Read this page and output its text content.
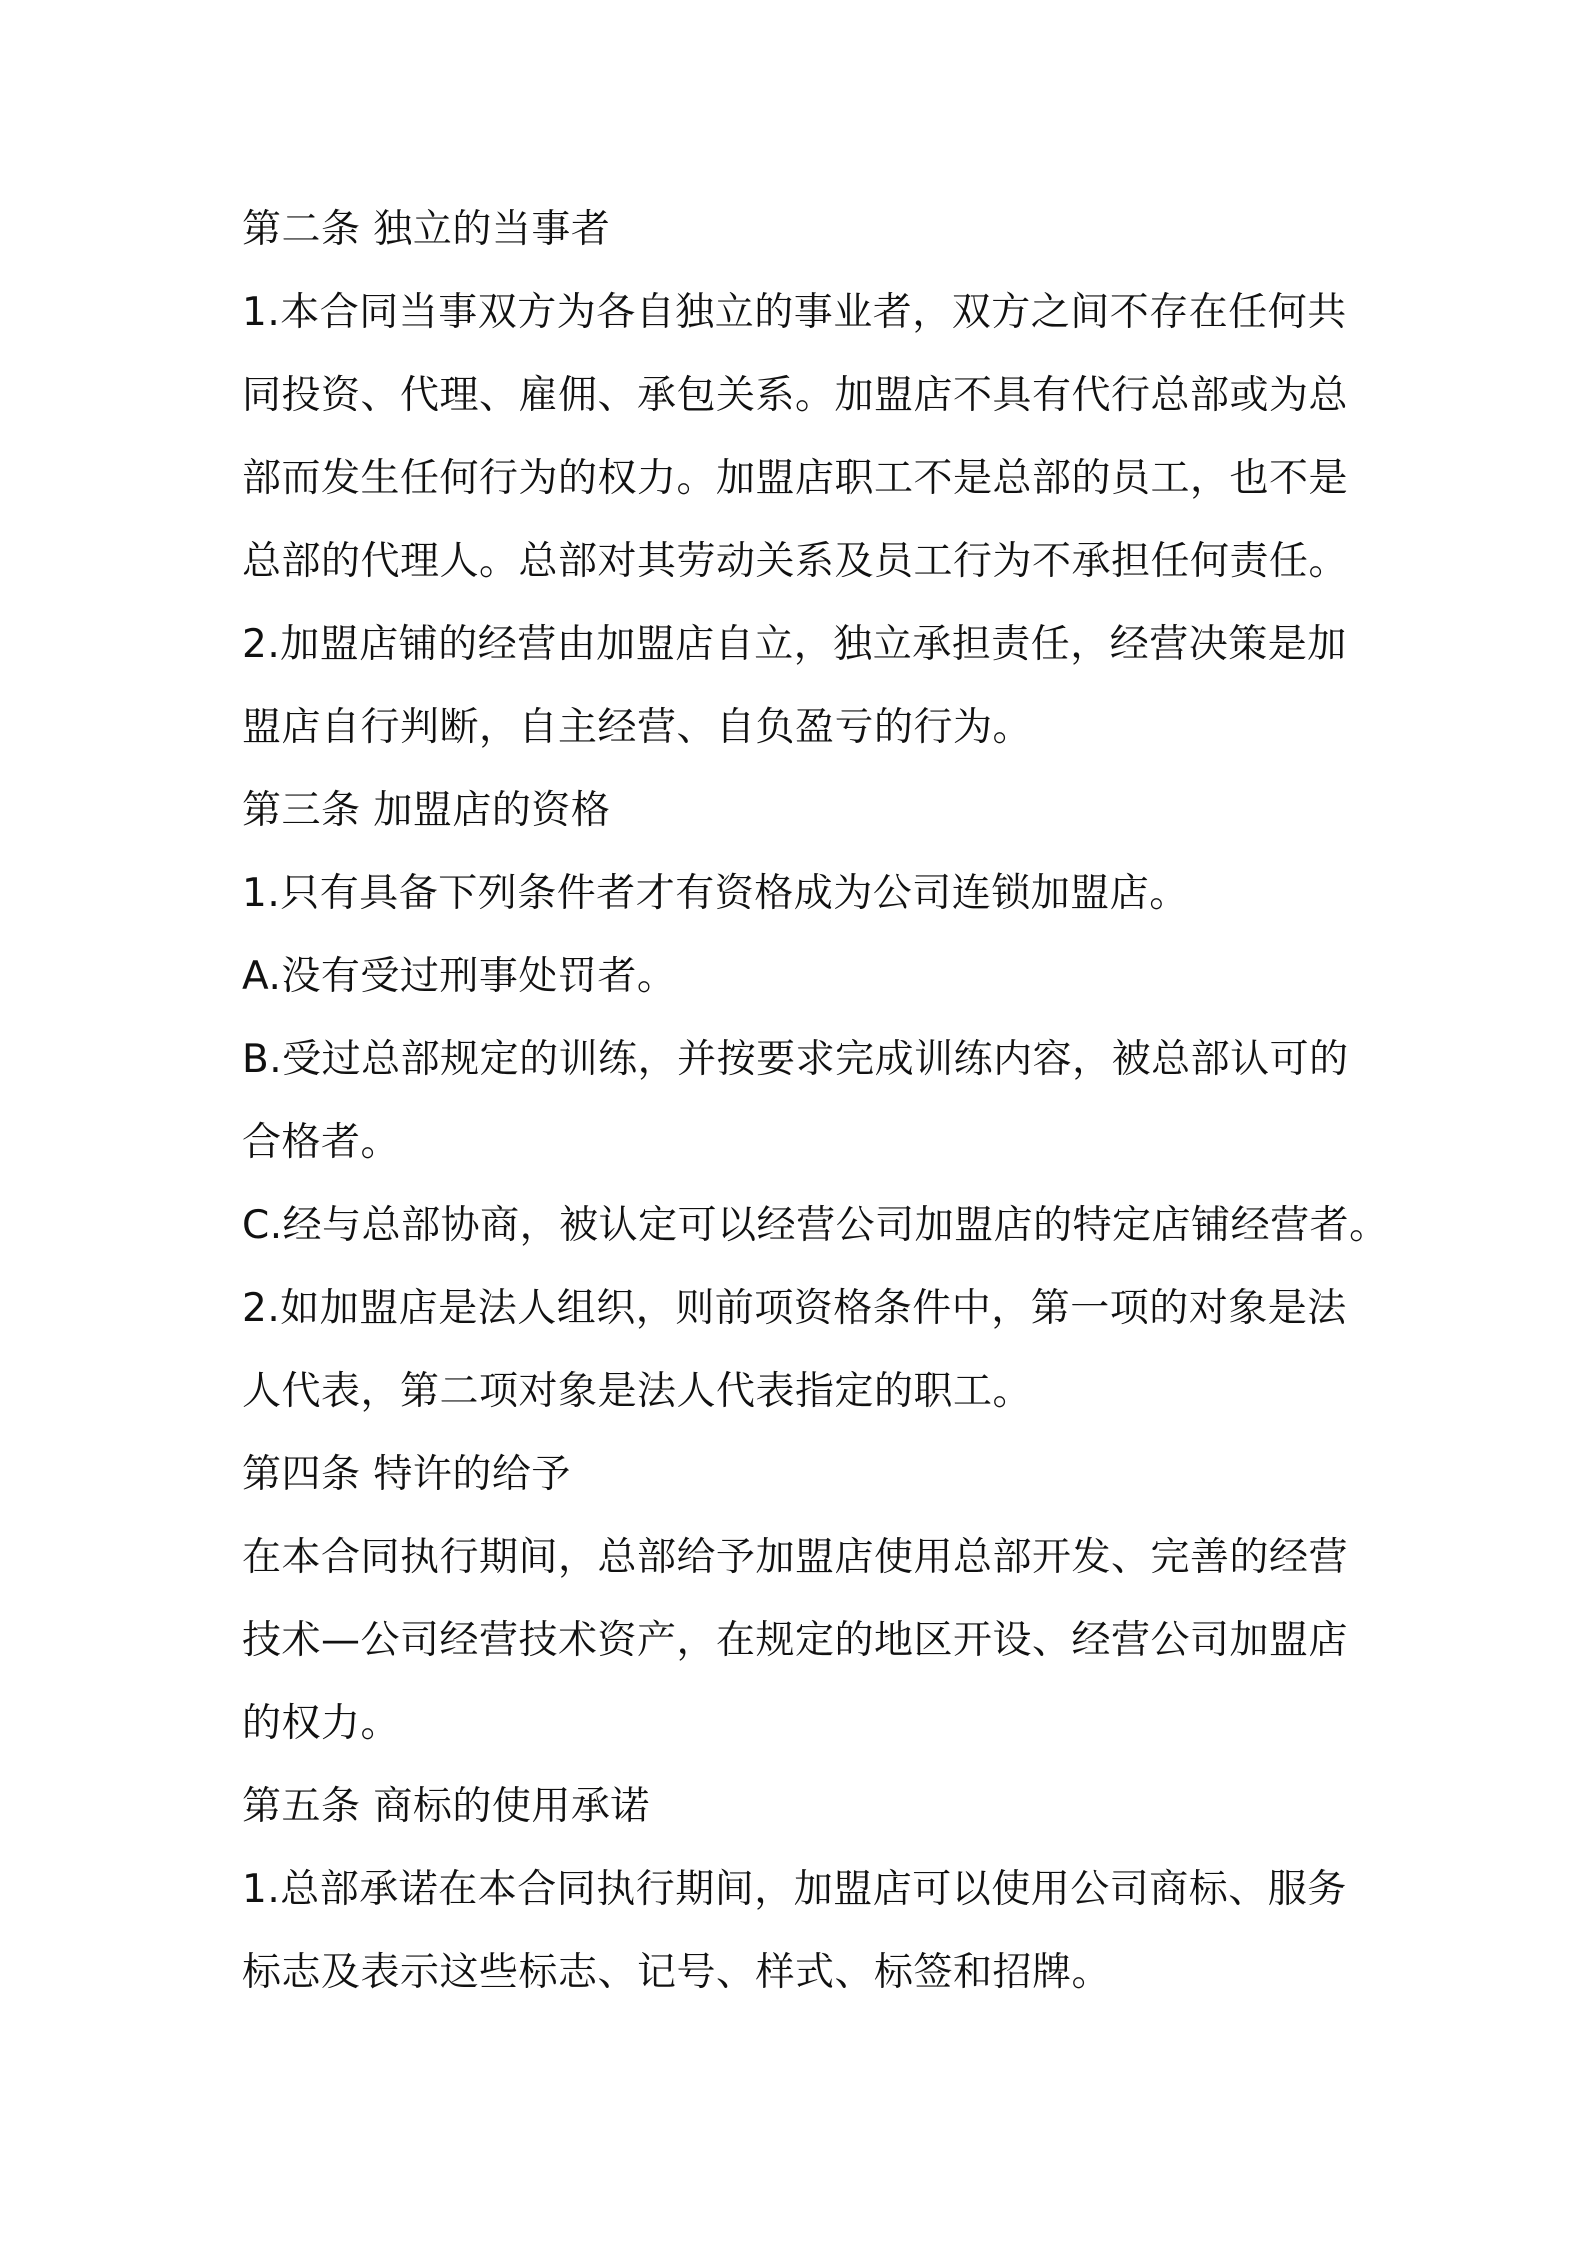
第二条 独立的当事者
1.本合同当事双方为各自独立的事业者，双方之间不存在任何共
同投资、代理、雇佣、承包关系。加盟店不具有代行总部或为总
部而发生任何行为的权力。加盟店职工不是总部的员工，也不是
总部的代理人。总部对其劳动关系及员工行为不承担任何责任。
2.加盟店铺的经营由加盟店自立，独立承担责任，经营决策是加
盟店自行判断，自主经营、自负盈亏的行为。
第三条 加盟店的资格
1.只有具备下列条件者才有资格成为公司连锁加盟店。
A.没有受过刑事处罚者。
B.受过总部规定的训练，并按要求完成训练内容，被总部认可的
合格者。
C.经与总部协商，被认定可以经营公司加盟店的特定店铺经营者。
2.如加盟店是法人组织，则前项资格条件中，第一项的对象是法
人代表，第二项对象是法人代表指定的职工。
第四条 特许的给予
在本合同执行期间，总部给予加盟店使用总部开发、完善的经营
技术—公司经营技术资产，在规定的地区开设、经营公司加盟店
的权力。
第五条 商标的使用承诺
1.总部承诺在本合同执行期间，加盟店可以使用公司商标、服务
标志及表示这些标志、记号、样式、标签和招牌。
